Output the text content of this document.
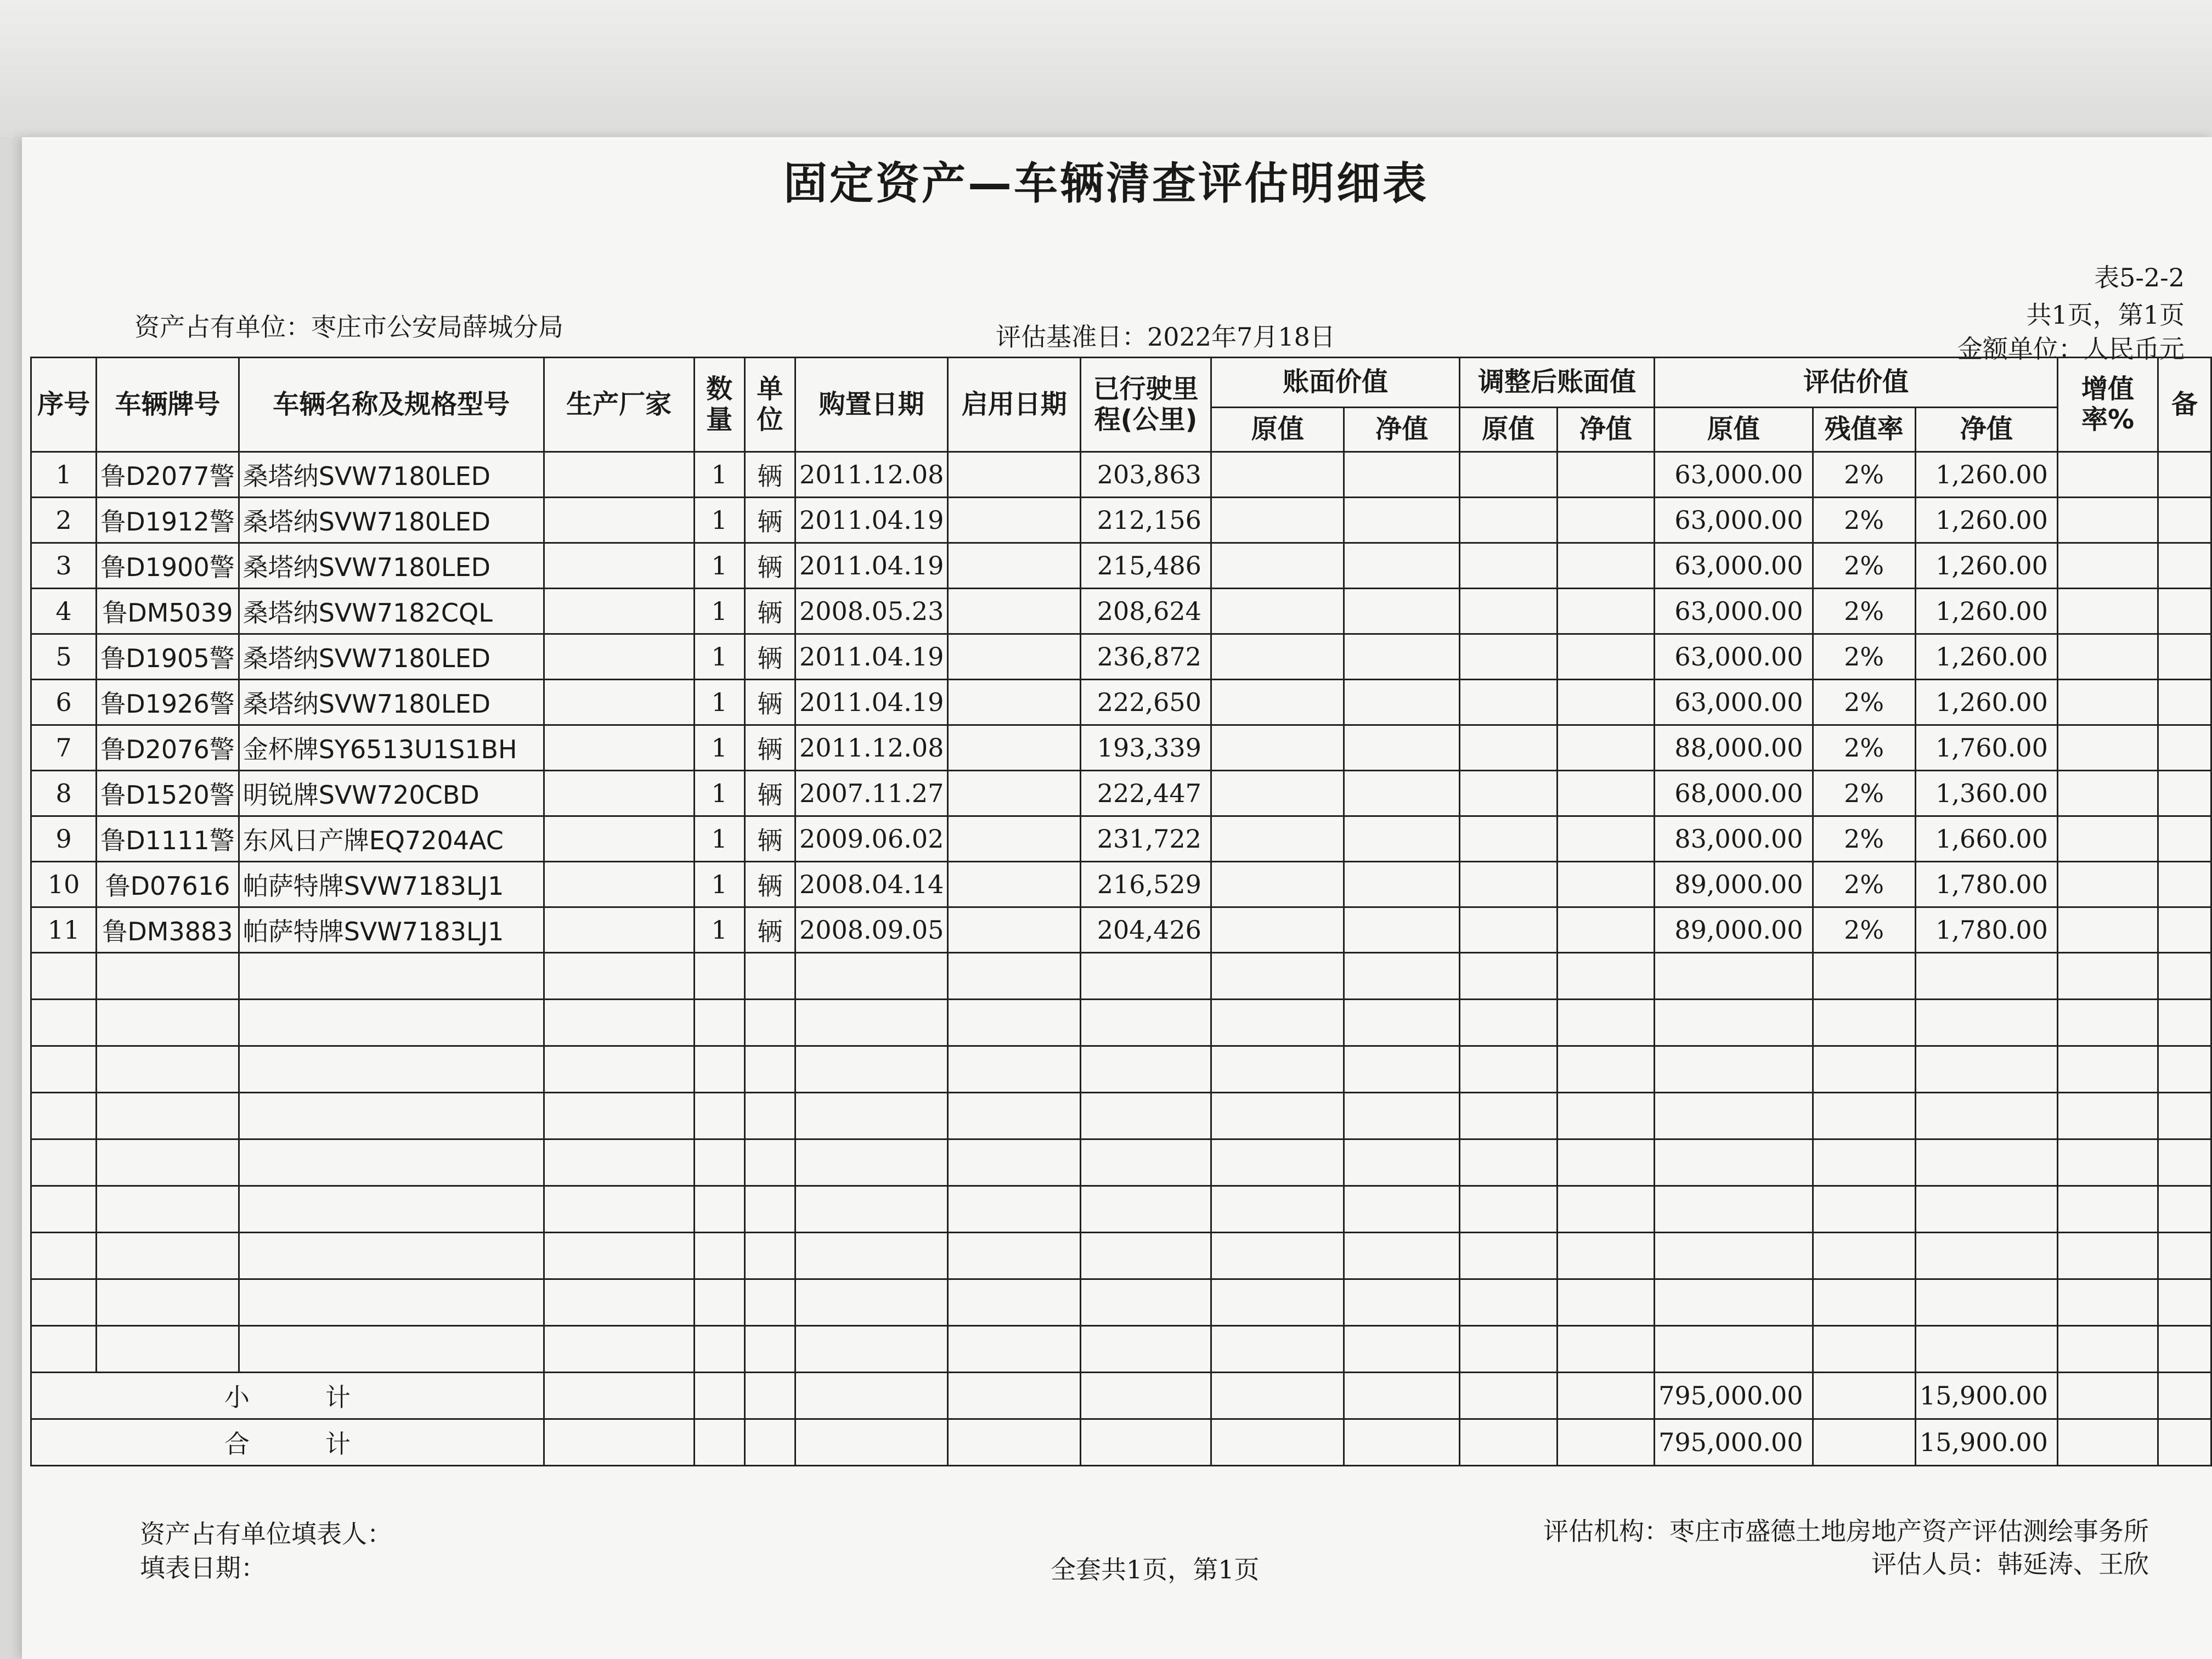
固定资产—车辆清查评估明细表
表5-2-2
资产占有单位：枣庄市公安局薛城分局	评估基准日：2022年7月18日
共1页，第1页
金额单位：人民币元
序号	车辆牌号	车辆名称及规格型号	生产厂家	数量	单位	购置日期	启用日期	已行驶里程(公里)	账面价值		调整后账面值		评估价值			增值率%	备
									原值	净值	原值	净值	原值	残值率	净值		
1	鲁D2077警	桑塔纳SVW7180LED		1	辆	2011.12.08		203,863					63,000.00	2%	1,260.00		
2	鲁D1912警	桑塔纳SVW7180LED		1	辆	2011.04.19		212,156					63,000.00	2%	1,260.00		
3	鲁D1900警	桑塔纳SVW7180LED		1	辆	2011.04.19		215,486					63,000.00	2%	1,260.00		
4	鲁DM5039	桑塔纳SVW7182CQL		1	辆	2008.05.23		208,624					63,000.00	2%	1,260.00		
5	鲁D1905警	桑塔纳SVW7180LED		1	辆	2011.04.19		236,872					63,000.00	2%	1,260.00		
6	鲁D1926警	桑塔纳SVW7180LED		1	辆	2011.04.19		222,650					63,000.00	2%	1,260.00		
7	鲁D2076警	金杯牌SY6513U1S1BH		1	辆	2011.12.08		193,339					88,000.00	2%	1,760.00		
8	鲁D1520警	明锐牌SVW720CBD		1	辆	2007.11.27		222,447					68,000.00	2%	1,360.00		
9	鲁D1111警	东风日产牌EQ7204AC		1	辆	2009.06.02		231,722					83,000.00	2%	1,660.00		
10	鲁D07616	帕萨特牌SVW7183LJ1		1	辆	2008.04.14		216,529					89,000.00	2%	1,780.00		
11	鲁DM3883	帕萨特牌SVW7183LJ1		1	辆	2008.09.05		204,426					89,000.00	2%	1,780.00		

小　　　计													795,000.00		15,900.00		
合　　　计													795,000.00		15,900.00		
资产占有单位填表人：
填表日期：	全套共1页，第1页
评估机构：枣庄市盛德土地房地产资产评估测绘事务所
评估人员：韩延涛、王欣
